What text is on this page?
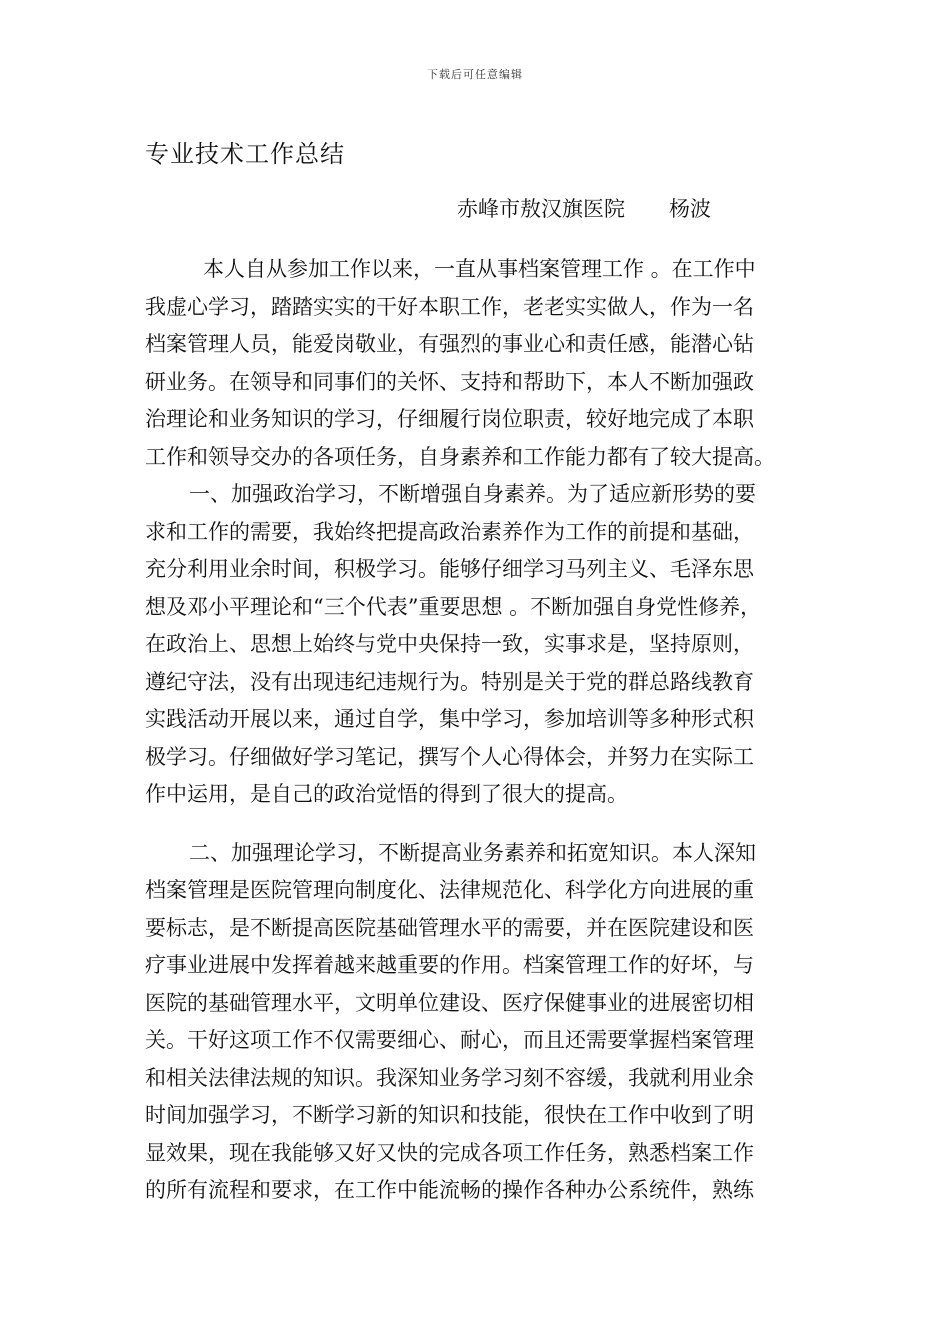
下载后可任意编辑
专业技术工作总结
赤峰市敖汉旗医院 杨波
本人自从参加工作以来，一直从事档案管理工作 。在工作中
我虚心学习，踏踏实实的干好本职工作，老老实实做人，作为一名
档案管理人员，能爱岗敬业，有强烈的事业心和责任感，能潜心钻
研业务。在领导和同事们的关怀、支持和帮助下，本人不断加强政
治理论和业务知识的学习，仔细履行岗位职责，较好地完成了本职
工作和领导交办的各项任务，自身素养和工作能力都有了较大提高。
一、加强政治学习，不断增强自身素养。为了适应新形势的要
求和工作的需要，我始终把提高政治素养作为工作的前提和基础，
充分利用业余时间，积极学习。能够仔细学习马列主义、毛泽东思
想及邓小平理论和“三个代表”重要思想 。不断加强自身党性修养，
在政治上、思想上始终与党中央保持一致，实事求是，坚持原则，
遵纪守法，没有出现违纪违规行为。特别是关于党的群总路线教育
实践活动开展以来，通过自学，集中学习，参加培训等多种形式积
极学习。仔细做好学习笔记，撰写个人心得体会，并努力在实际工
作中运用，是自己的政治觉悟的得到了很大的提高。
二、加强理论学习，不断提高业务素养和拓宽知识。本人深知
档案管理是医院管理向制度化、法律规范化、科学化方向进展的重
要标志，是不断提高医院基础管理水平的需要，并在医院建设和医
疗事业进展中发挥着越来越重要的作用。档案管理工作的好坏，与
医院的基础管理水平，文明单位建设、医疗保健事业的进展密切相
关。干好这项工作不仅需要细心、耐心，而且还需要掌握档案管理
和相关法律法规的知识。我深知业务学习刻不容缓，我就利用业余
时间加强学习，不断学习新的知识和技能，很快在工作中收到了明
显效果，现在我能够又好又快的完成各项工作任务，熟悉档案工作
的所有流程和要求，在工作中能流畅的操作各种办公系统件，熟练
